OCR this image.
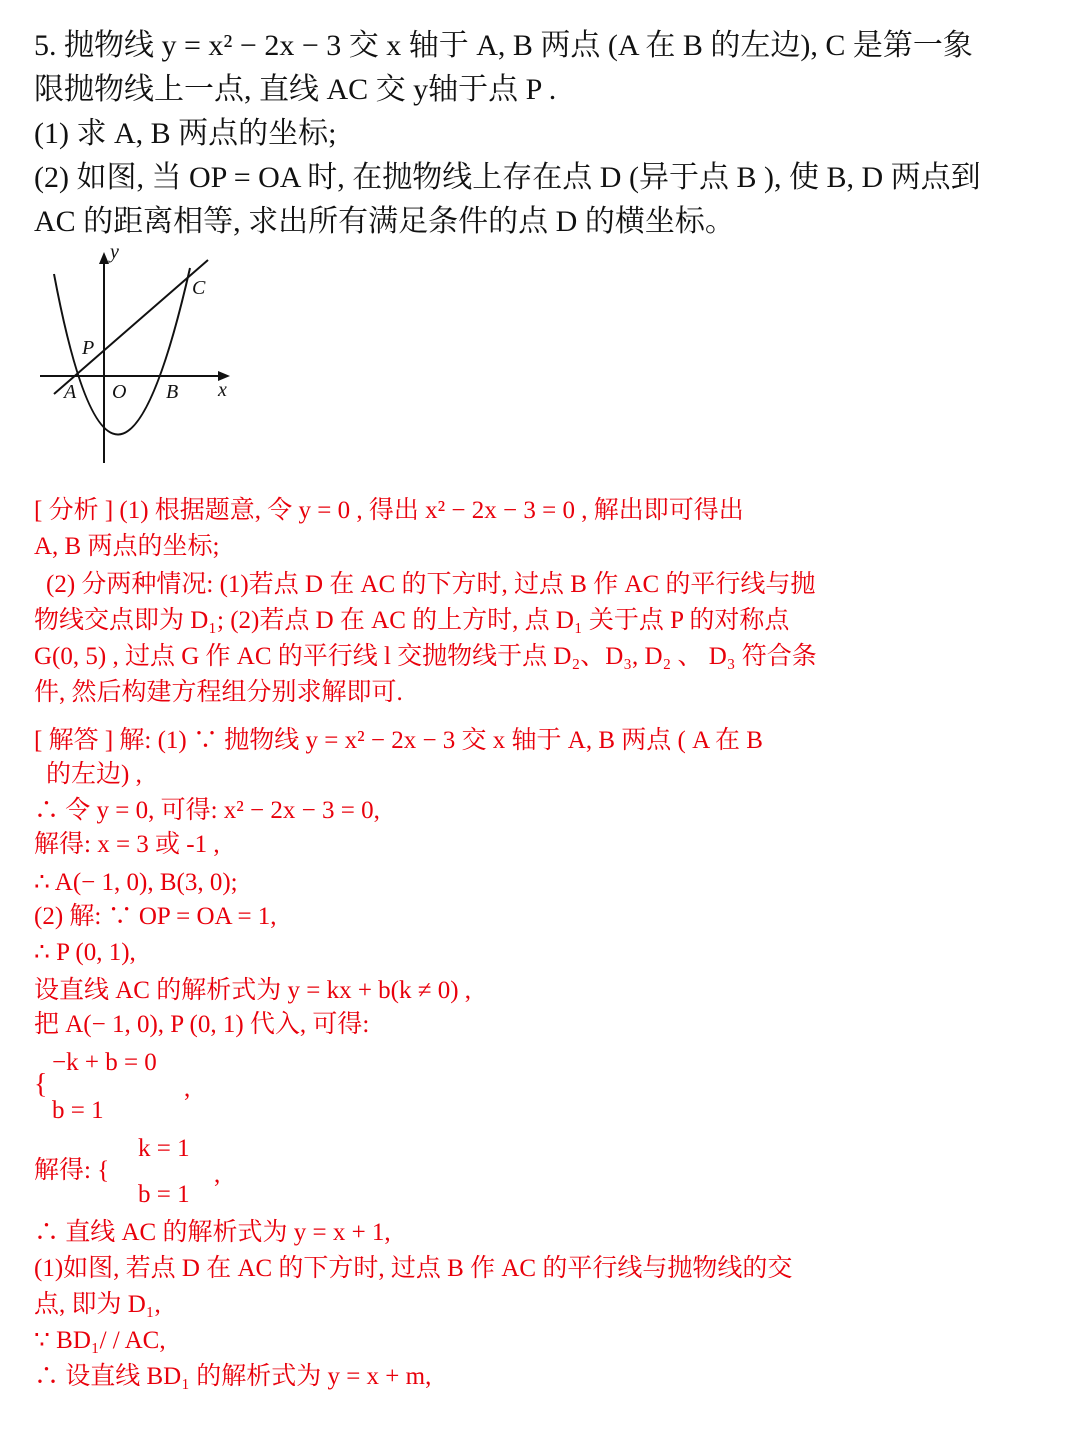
5. 抛物线 y = x² − 2x − 3 交 x 轴于 A, B 两点 (A 在 B 的左边), C 是第一象
限抛物线上一点, 直线 AC 交 y轴于点 P .
(1) 求 A, B 两点的坐标;
(2) 如图, 当 OP = OA 时, 在抛物线上存在点 D (异于点 B ), 使 B, D 两点到
AC 的距离相等, 求出所有满足条件的点 D 的横坐标。
y
x
A O B
P
C
[ 分析 ] (1) 根据题意, 令 y = 0 , 得出 x² − 2x − 3 = 0 , 解出即可得出
A, B 两点的坐标;
(2) 分两种情况: (1)若点 D 在 AC 的下方时, 过点 B 作 AC 的平行线与抛
物线交点即为 D₁; (2)若点 D 在 AC 的上方时, 点 D₁ 关于点 P 的对称点
G(0, 5) , 过点 G 作 AC 的平行线 l 交抛物线于点 D₂、D₃, D₂ 、 D₃ 符合条
件, 然后构建方程组分别求解即可.
[ 解答 ] 解: (1) ∵ 抛物线 y = x² − 2x − 3 交 x 轴于 A, B 两点 ( A 在 B
的左边) ,
∴ 令 y = 0, 可得: x² − 2x − 3 = 0,
解得: x = 3 或 -1 ,
∴ A(− 1, 0), B(3, 0);
(2) 解: ∵ OP = OA = 1,
∴ P (0, 1),
设直线 AC 的解析式为 y = kx + b(k ≠ 0) ,
把 A(− 1, 0), P (0, 1) 代入, 可得:
−k + b = 0
{	,
b = 1
k = 1
解得: {	,
b = 1
∴ 直线 AC 的解析式为 y = x + 1,
(1)如图, 若点 D 在 AC 的下方时, 过点 B 作 AC 的平行线与抛物线的交
点, 即为 D₁,
∵ BD₁/ / AC,
∴ 设直线 BD₁ 的解析式为 y = x + m,
